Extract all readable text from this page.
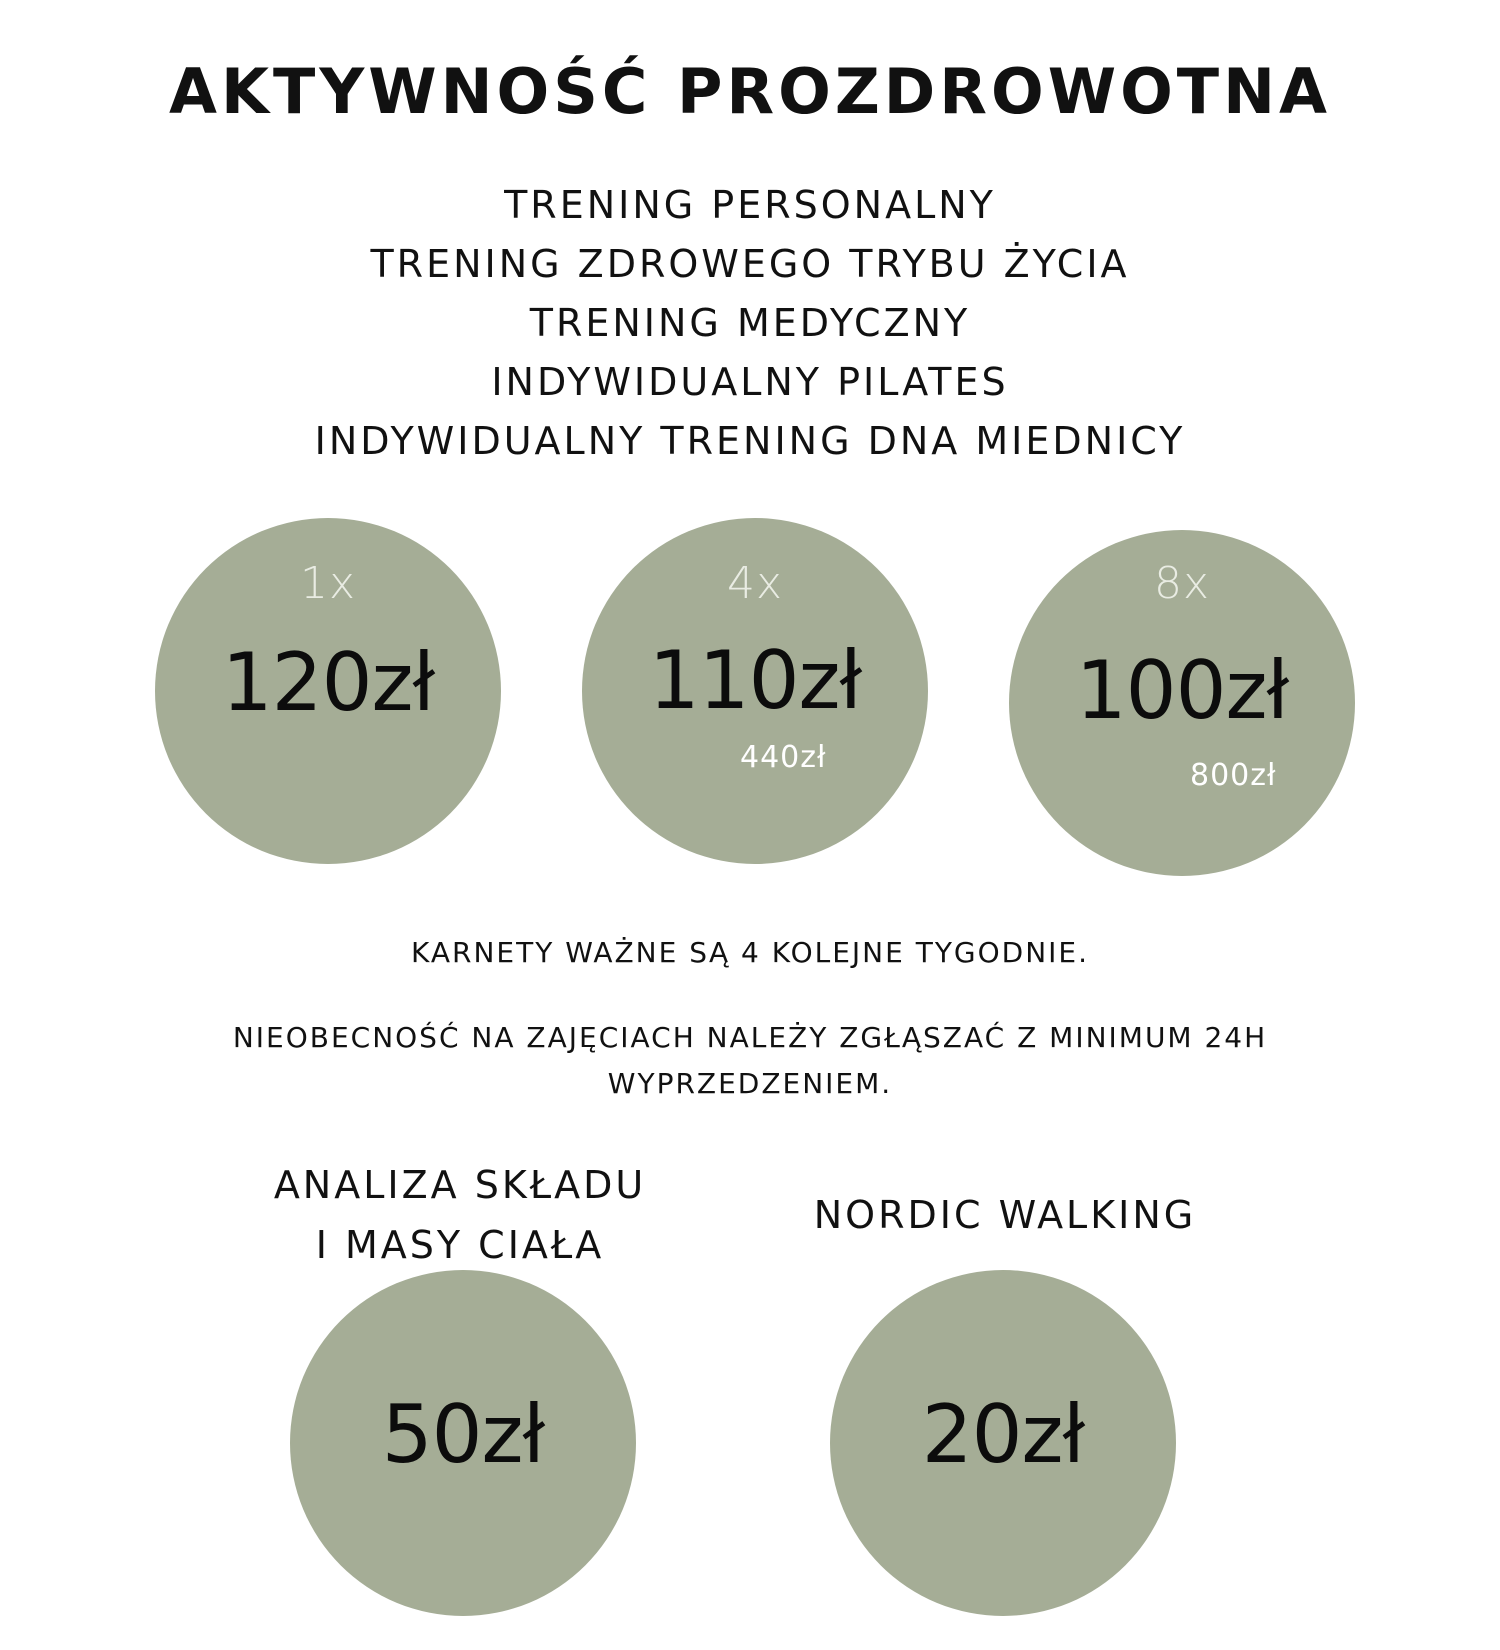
AKTYWNOŚĆ PROZDROWOTNA
TRENING PERSONALNY
TRENING ZDROWEGO TRYBU ŻYCIA
TRENING MEDYCZNY
INDYWIDUALNY PILATES
INDYWIDUALNY TRENING DNA MIEDNICY
1x
120zł
4x
110zł
440zł
8x
100zł
800zł

KARNETY WAŻNE SĄ 4 KOLEJNE TYGODNIE.

NIEOBECNOŚĆ NA ZAJĘCIACH NALEŻY ZGŁĄSZAĆ Z MINIMUM 24H WYPRZEDZENIEM.

ANALIZA SKŁADU
I MASY CIAŁA
NORDIC WALKING
50zł	20zł
